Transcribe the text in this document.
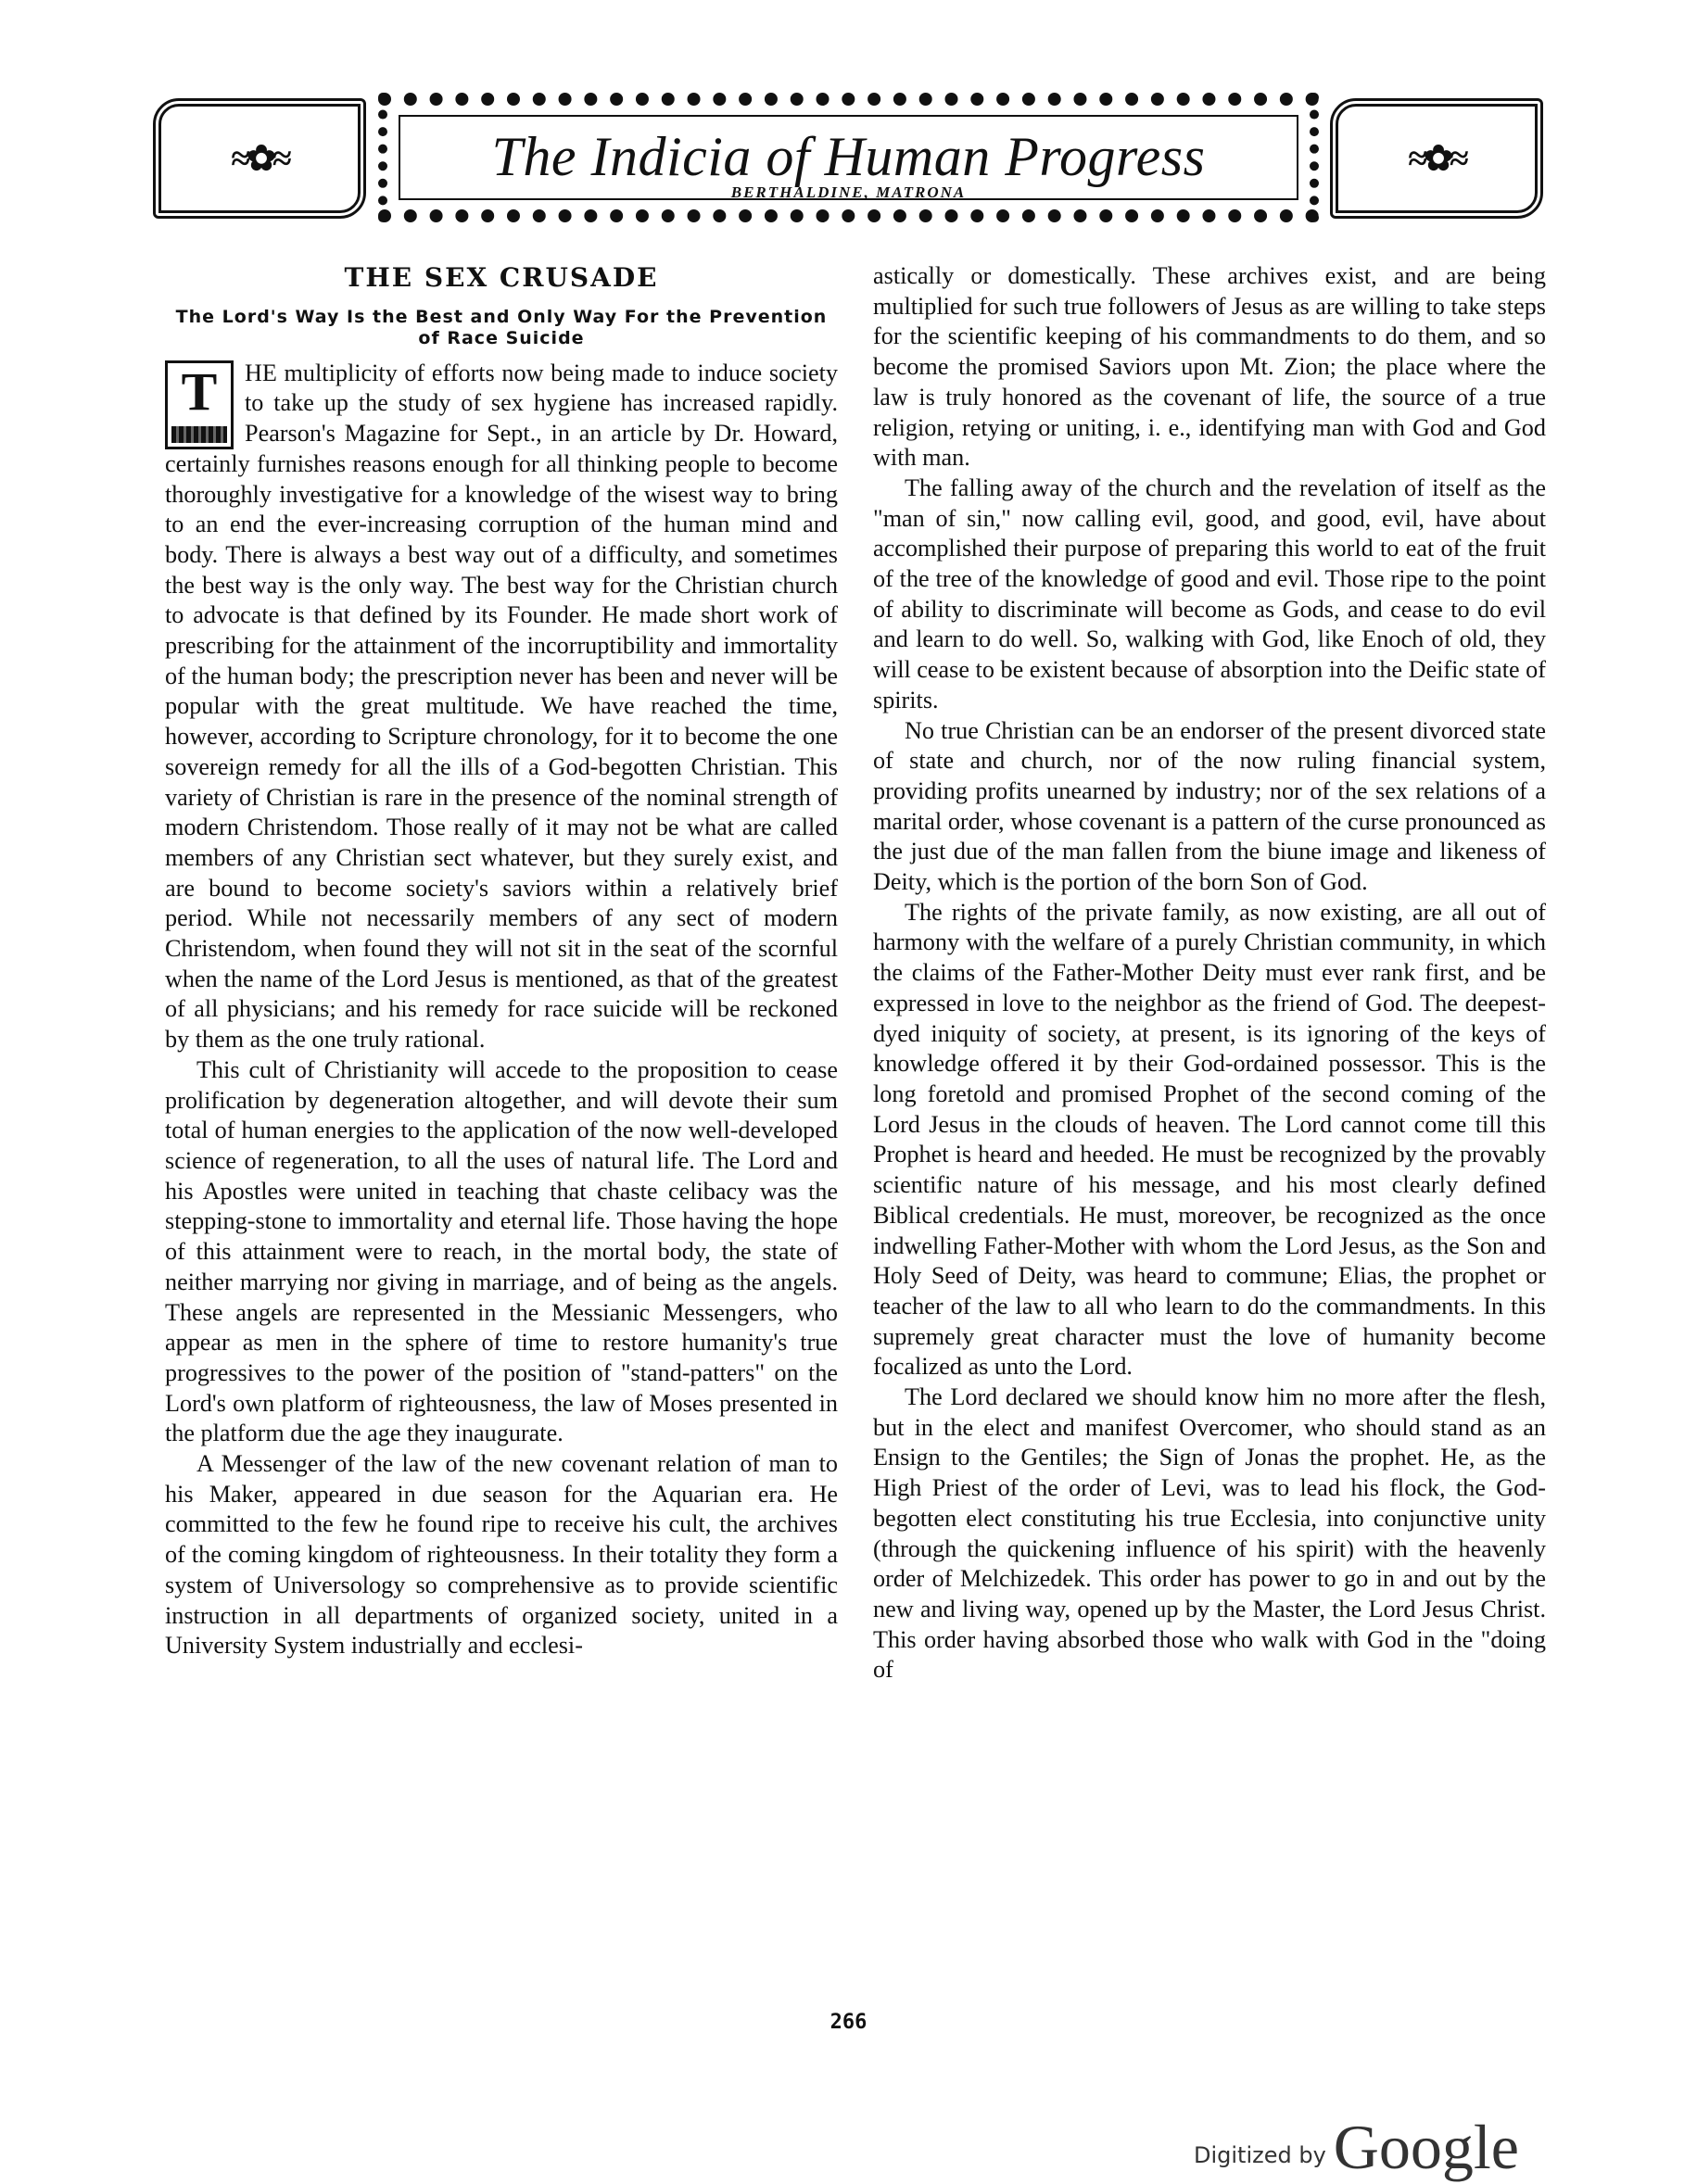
≈✿≈	The Indicia of Human Progress
BERTHALDINE, MATRONA
≈✿≈
THE SEX CRUSADE
The Lord's Way Is the Best and Only Way For the Prevention of Race Suicide

T	HE multiplicity of efforts now being made to induce society to take up the study of sex hygiene has increased rapidly. Pearson's Magazine for Sept., in an article by Dr. Howard, certainly furnishes reasons enough for all thinking people to become thoroughly investigative for a knowledge of the wisest way to bring to an end the ever-increasing corruption of the human mind and body. There is always a best way out of a difficulty, and sometimes the best way is the only way. The best way for the Christian church to advocate is that defined by its Founder. He made short work of prescribing for the attainment of the incorruptibility and immortality of the human body; the prescription never has been and never will be popular with the great multitude. We have reached the time, however, according to Scripture chronology, for it to become the one sovereign remedy for all the ills of a God-begotten Christian. This variety of Christian is rare in the presence of the nominal strength of modern Christendom. Those really of it may not be what are called members of any Christian sect whatever, but they surely exist, and are bound to become society's saviors within a relatively brief period. While not necessarily members of any sect of modern Christendom, when found they will not sit in the seat of the scornful when the name of the Lord Jesus is mentioned, as that of the greatest of all physicians; and his remedy for race suicide will be reckoned by them as the one truly rational.

This cult of Christianity will accede to the proposition to cease prolification by degeneration altogether, and will devote their sum total of human energies to the application of the now well-developed science of regeneration, to all the uses of natural life. The Lord and his Apostles were united in teaching that chaste celibacy was the stepping-stone to immortality and eternal life. Those having the hope of this attainment were to reach, in the mortal body, the state of neither marrying nor giving in marriage, and of being as the angels. These angels are represented in the Messianic Messengers, who appear as men in the sphere of time to restore humanity's true progressives to the power of the position of "stand-patters" on the Lord's own platform of righteousness, the law of Moses presented in the platform due the age they inaugurate.

A Messenger of the law of the new covenant relation of man to his Maker, appeared in due season for the Aquarian era. He committed to the few he found ripe to receive his cult, the archives of the coming kingdom of righteousness. In their totality they form a system of Universology so comprehensive as to provide scientific instruction in all departments of organized society, united in a University System industrially and ecclesi-

astically or domestically. These archives exist, and are being multiplied for such true followers of Jesus as are willing to take steps for the scientific keeping of his commandments to do them, and so become the promised Saviors upon Mt. Zion; the place where the law is truly honored as the covenant of life, the source of a true religion, retying or uniting, i. e., identifying man with God and God with man.

The falling away of the church and the revelation of itself as the "man of sin," now calling evil, good, and good, evil, have about accomplished their purpose of preparing this world to eat of the fruit of the tree of the knowledge of good and evil. Those ripe to the point of ability to discriminate will become as Gods, and cease to do evil and learn to do well. So, walking with God, like Enoch of old, they will cease to be existent because of absorption into the Deific state of spirits.

No true Christian can be an endorser of the present divorced state of state and church, nor of the now ruling financial system, providing profits unearned by industry; nor of the sex relations of a marital order, whose covenant is a pattern of the curse pronounced as the just due of the man fallen from the biune image and likeness of Deity, which is the portion of the born Son of God.

The rights of the private family, as now existing, are all out of harmony with the welfare of a purely Christian community, in which the claims of the Father-Mother Deity must ever rank first, and be expressed in love to the neighbor as the friend of God. The deepest-dyed iniquity of society, at present, is its ignoring of the keys of knowledge offered it by their God-ordained possessor. This is the long foretold and promised Prophet of the second coming of the Lord Jesus in the clouds of heaven. The Lord cannot come till this Prophet is heard and heeded. He must be recognized by the provably scientific nature of his message, and his most clearly defined Biblical credentials. He must, moreover, be recognized as the once indwelling Father-Mother with whom the Lord Jesus, as the Son and Holy Seed of Deity, was heard to commune; Elias, the prophet or teacher of the law to all who learn to do the commandments. In this supremely great character must the love of humanity become focalized as unto the Lord.

The Lord declared we should know him no more after the flesh, but in the elect and manifest Overcomer, who should stand as an Ensign to the Gentiles; the Sign of Jonas the prophet. He, as the High Priest of the order of Levi, was to lead his flock, the God-begotten elect constituting his true Ecclesia, into conjunctive unity (through the quickening influence of his spirit) with the heavenly order of Melchizedek. This order has power to go in and out by the new and living way, opened up by the Master, the Lord Jesus Christ. This order having absorbed those who walk with God in the "doing of

266
Digitized by Google
